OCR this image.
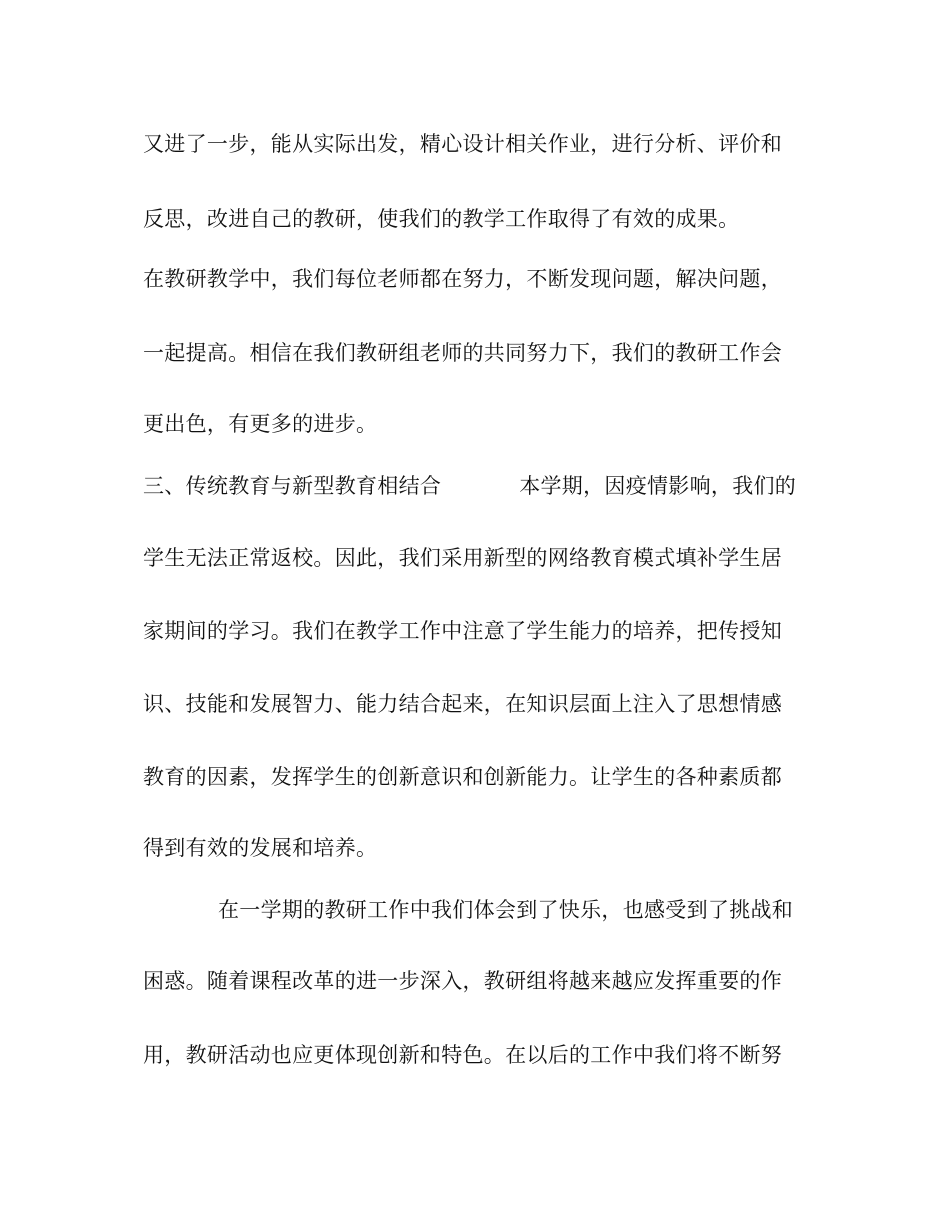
又进了一步，能从实际出发，精心设计相关作业，进行分析、评价和
反思，改进自己的教研，使我们的教学工作取得了有效的成果。
在教研教学中，我们每位老师都在努力，不断发现问题，解决问题，
一起提高。相信在我们教研组老师的共同努力下，我们的教研工作会
更出色，有更多的进步。
三、传统教育与新型教育相结合	本学期，因疫情影响，我们的
学生无法正常返校。因此，我们采用新型的网络教育模式填补学生居
家期间的学习。我们在教学工作中注意了学生能力的培养，把传授知
识、技能和发展智力、能力结合起来，在知识层面上注入了思想情感
教育的因素，发挥学生的创新意识和创新能力。让学生的各种素质都
得到有效的发展和培养。
在一学期的教研工作中我们体会到了快乐，也感受到了挑战和
困惑。随着课程改革的进一步深入，教研组将越来越应发挥重要的作
用，教研活动也应更体现创新和特色。在以后的工作中我们将不断努
